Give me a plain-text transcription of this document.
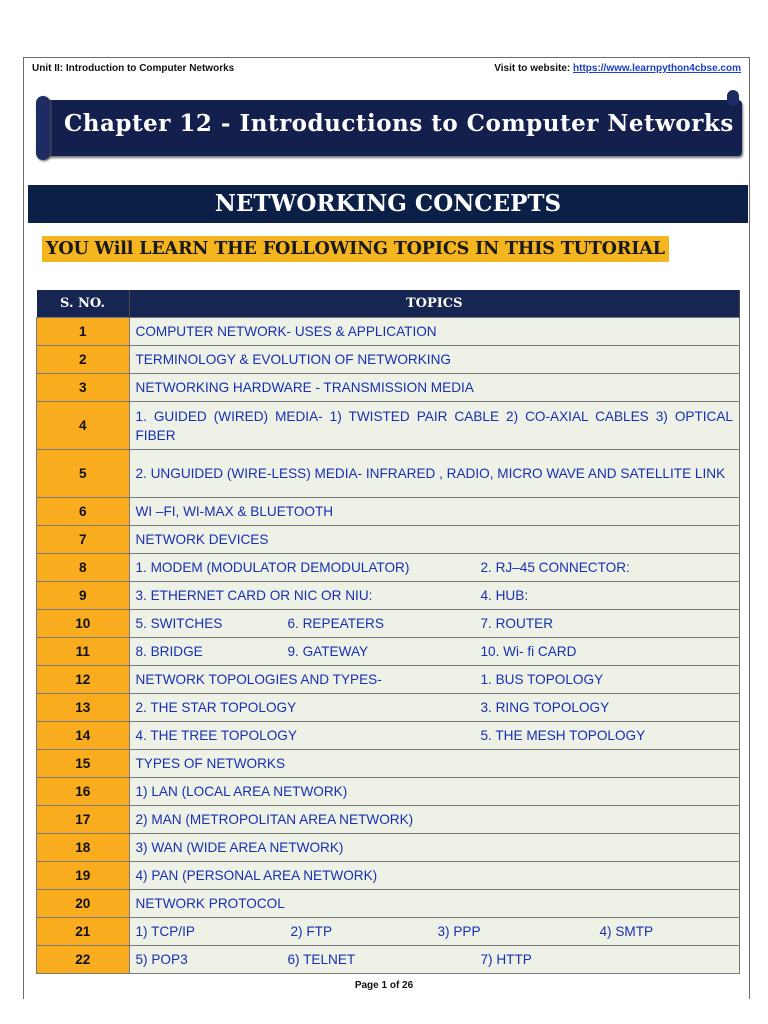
Unit II: Introduction to Computer Networks	Visit to website: https://www.learnpython4cbse.com
Chapter 12 - Introductions to Computer Networks
NETWORKING CONCEPTS
YOU Will LEARN THE FOLLOWING TOPICS IN THIS TUTORIAL
S. NO.	TOPICS
1	COMPUTER NETWORK- USES & APPLICATION

2	TERMINOLOGY & EVOLUTION OF NETWORKING

3	NETWORKING HARDWARE - TRANSMISSION MEDIA

4	1. GUIDED (WIRED) MEDIA- 1) TWISTED PAIR CABLE 2) CO-AXIAL CABLES 3) OPTICAL FIBER

5	2. UNGUIDED (WIRE-LESS) MEDIA- INFRARED , RADIO, MICRO WAVE AND SATELLITE LINK

6	WI –FI, WI-MAX & BLUETOOTH

7	NETWORK DEVICES

8	1. MODEM (MODULATOR DEMODULATOR) 2. RJ–45 CONNECTOR:

9	3. ETHERNET CARD OR NIC OR NIU: 4. HUB:

10	5. SWITCHES 6. REPEATERS 7. ROUTER

11	8. BRIDGE 9. GATEWAY 10. Wi- fi CARD

12	NETWORK TOPOLOGIES AND TYPES- 1. BUS TOPOLOGY

13	2. THE STAR TOPOLOGY 3. RING TOPOLOGY

14	4. THE TREE TOPOLOGY 5. THE MESH TOPOLOGY

15	TYPES OF NETWORKS

16	1) LAN (LOCAL AREA NETWORK)

17	2) MAN (METROPOLITAN AREA NETWORK)

18	3) WAN (WIDE AREA NETWORK)

19	4) PAN (PERSONAL AREA NETWORK)

20	NETWORK PROTOCOL

21	1) TCP/IP 2) FTP 3) PPP 4) SMTP

22	5) POP3 6) TELNET 7) HTTP
Page 1 of 26
